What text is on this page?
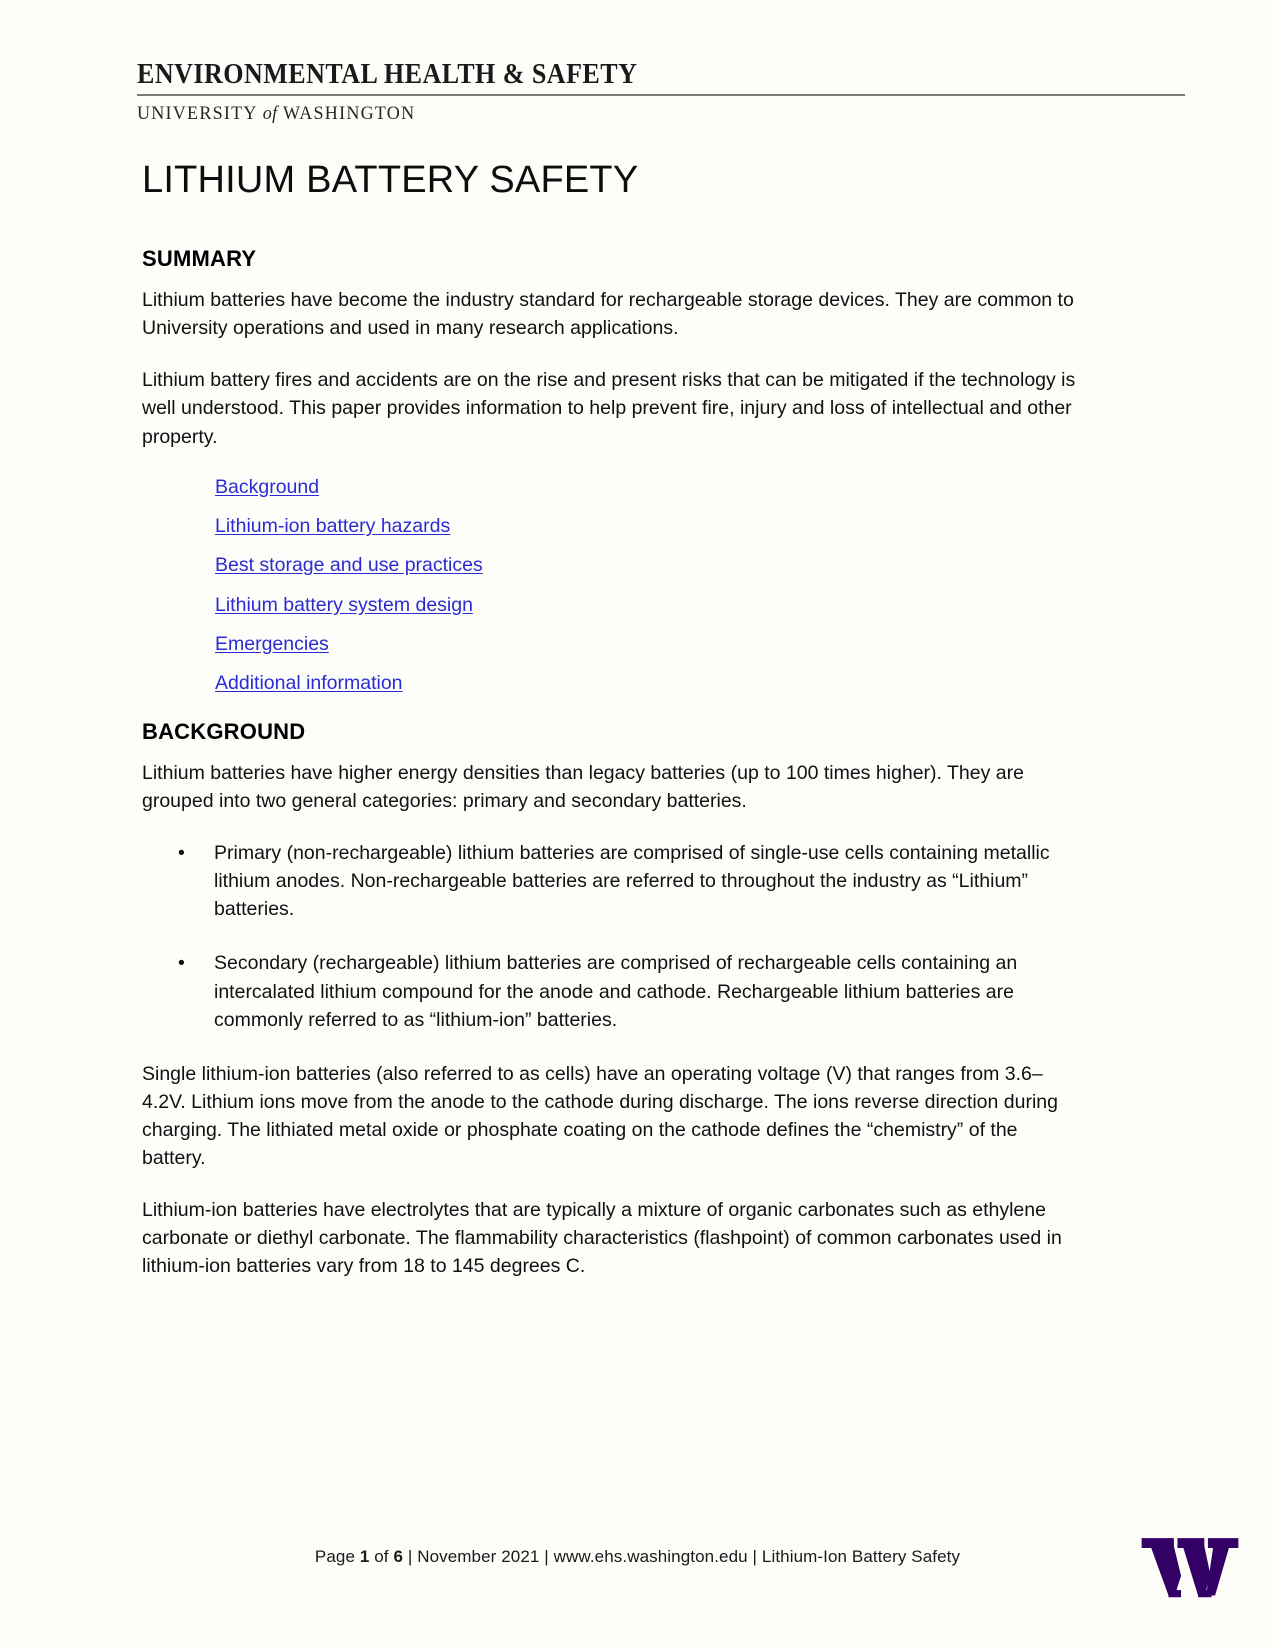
ENVIRONMENTAL HEALTH & SAFETY
UNIVERSITY of WASHINGTON
LITHIUM BATTERY SAFETY
SUMMARY

Lithium batteries have become the industry standard for rechargeable storage devices. They are common to University operations and used in many research applications.

Lithium battery fires and accidents are on the rise and present risks that can be mitigated if the technology is well understood. This paper provides information to help prevent fire, injury and loss of intellectual and other property.

Background
Lithium-ion battery hazards
Best storage and use practices
Lithium battery system design
Emergencies
Additional information
BACKGROUND

Lithium batteries have higher energy densities than legacy batteries (up to 100 times higher). They are grouped into two general categories: primary and secondary batteries.

• Primary (non-rechargeable) lithium batteries are comprised of single-use cells containing metallic lithium anodes. Non-rechargeable batteries are referred to throughout the industry as “Lithium” batteries.
• Secondary (rechargeable) lithium batteries are comprised of rechargeable cells containing an intercalated lithium compound for the anode and cathode. Rechargeable lithium batteries are commonly referred to as “lithium-ion” batteries.

Single lithium-ion batteries (also referred to as cells) have an operating voltage (V) that ranges from 3.6–4.2V. Lithium ions move from the anode to the cathode during discharge. The ions reverse direction during charging. The lithiated metal oxide or phosphate coating on the cathode defines the “chemistry” of the battery.

Lithium-ion batteries have electrolytes that are typically a mixture of organic carbonates such as ethylene carbonate or diethyl carbonate. The flammability characteristics (flashpoint) of common carbonates used in lithium-ion batteries vary from 18 to 145 degrees C.

Page 1 of 6 | November 2021 | www.ehs.washington.edu | Lithium-Ion Battery Safety
